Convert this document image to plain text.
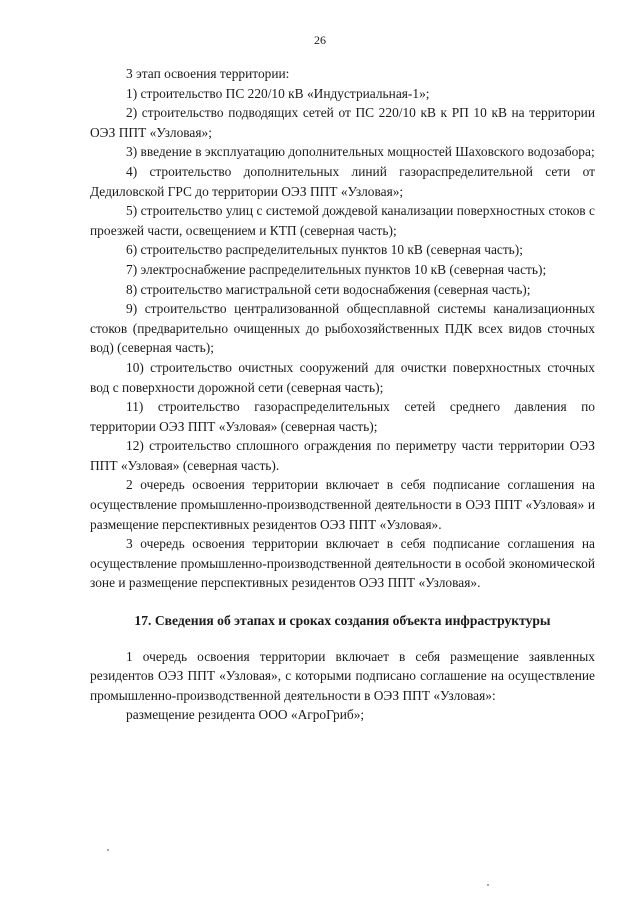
26

3 этап освоения территории:

1) строительство ПС 220/10 кВ «Индустриальная-1»;

2) строительство подводящих сетей от ПС 220/10 кВ к РП 10 кВ на территории ОЭЗ ППТ «Узловая»;

3) введение в эксплуатацию дополнительных мощностей Шаховского водозабора;

4) строительство дополнительных линий газораспределительной сети от Дедиловской ГРС до территории ОЭЗ ППТ «Узловая»;

5) строительство улиц с системой дождевой канализации поверхностных стоков с проезжей части, освещением и КТП (северная часть);

6) строительство распределительных пунктов 10 кВ (северная часть);

7) электроснабжение распределительных пунктов 10 кВ (северная часть);

8) строительство магистральной сети водоснабжения (северная часть);

9) строительство централизованной общесплавной системы канализационных стоков (предварительно очищенных до рыбохозяйственных ПДК всех видов сточных вод) (северная часть);

10) строительство очистных сооружений для очистки поверхностных сточных вод с поверхности дорожной сети (северная часть);

11) строительство газораспределительных сетей среднего давления по территории ОЭЗ ППТ «Узловая» (северная часть);

12) строительство сплошного ограждения по периметру части территории ОЭЗ ППТ «Узловая» (северная часть).

2 очередь освоения территории включает в себя подписание соглашения на осуществление промышленно-производственной деятельности в ОЭЗ ППТ «Узловая» и размещение перспективных резидентов ОЭЗ ППТ «Узловая».

3 очередь освоения территории включает в себя подписание соглашения на осуществление промышленно-производственной деятельности в особой экономической зоне и размещение перспективных резидентов ОЭЗ ППТ «Узловая».

17. Сведения об этапах и сроках создания объекта инфраструктуры

1 очередь освоения территории включает в себя размещение заявленных резидентов ОЭЗ ППТ «Узловая», с которыми подписано соглашение на осуществление промышленно-производственной деятельности в ОЭЗ ППТ «Узловая»:

размещение резидента ООО «АгроГриб»;
